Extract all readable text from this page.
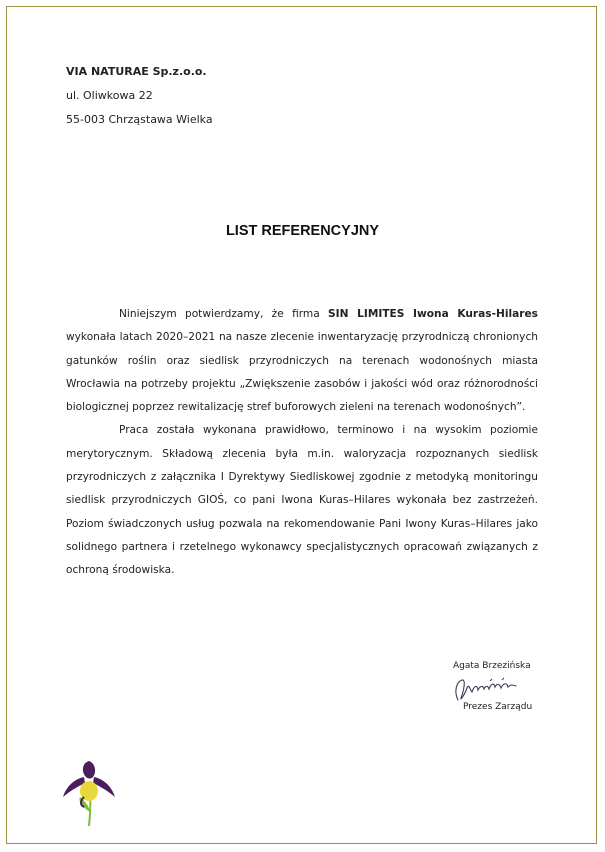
VIA NATURAE Sp.z.o.o.
ul. Oliwkowa 22
55-003 Chrząstawa Wielka
LIST REFERENCYJNY

Niniejszym potwierdzamy, że firma SIN LIMITES Iwona Kuras-Hilares wykonała latach 2020–2021 na nasze zlecenie inwentaryzację przyrodniczą chronionych gatunków roślin oraz siedlisk przyrodniczych na terenach wodonośnych miasta Wrocławia na potrzeby projektu „Zwiększenie zasobów i jakości wód oraz różnorodności biologicznej poprzez rewitalizację stref buforowych zieleni na terenach wodonośnych”.

Praca została wykonana prawidłowo, terminowo i na wysokim poziomie merytorycznym. Składową zlecenia była m.in. waloryzacja rozpoznanych siedlisk przyrodniczych z załącznika I Dyrektywy Siedliskowej zgodnie z metodyką monitoringu siedlisk przyrodniczych GIOŚ, co pani Iwona Kuras–Hilares wykonała bez zastrzeżeń. Poziom świadczonych usług pozwala na rekomendowanie Pani Iwony Kuras–Hilares jako solidnego partnera i rzetelnego wykonawcy specjalistycznych opracowań związanych z ochroną środowiska.

Agata Brzezińska
Prezes Zarządu
